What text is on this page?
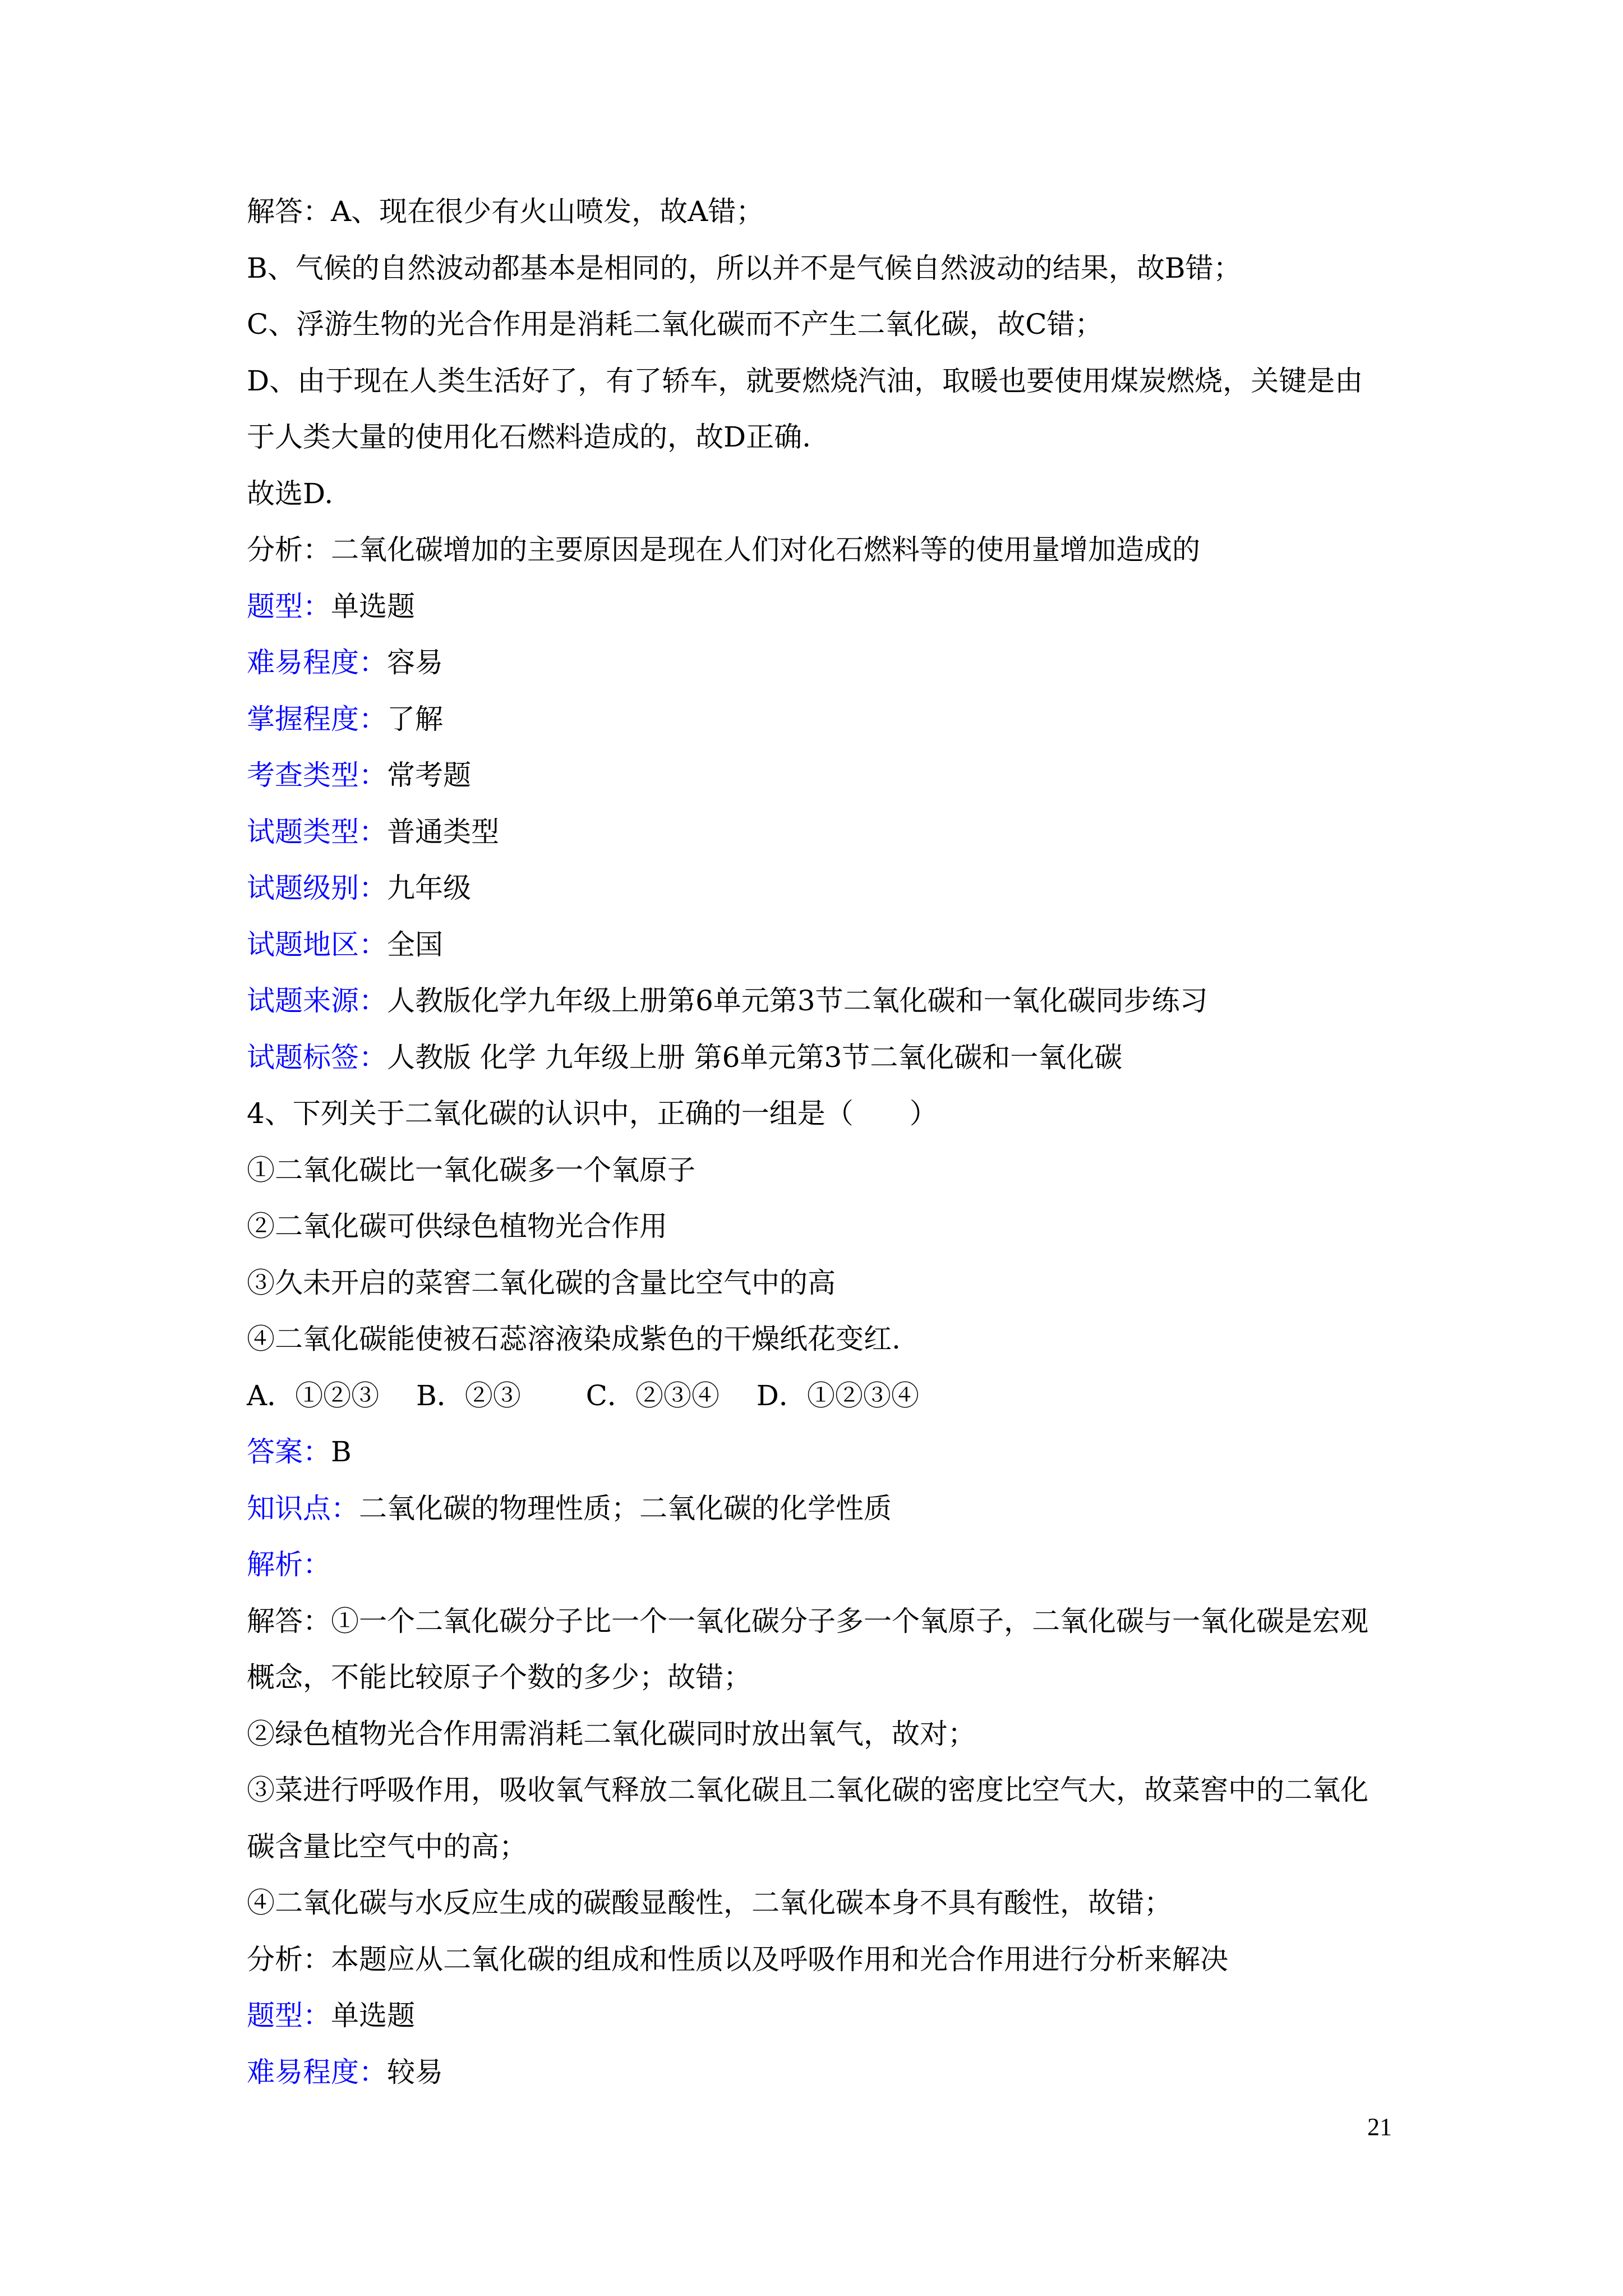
解答：A、现在很少有火山喷发，故A错；
B、气候的自然波动都基本是相同的，所以并不是气候自然波动的结果，故B错；
C、浮游生物的光合作用是消耗二氧化碳而不产生二氧化碳，故C错；
D、由于现在人类生活好了，有了轿车，就要燃烧汽油，取暖也要使用煤炭燃烧，关键是由
于人类大量的使用化石燃料造成的，故D正确.
故选D.
分析：二氧化碳增加的主要原因是现在人们对化石燃料等的使用量增加造成的
题型：单选题
难易程度：容易
掌握程度：了解
考查类型：常考题
试题类型：普通类型
试题级别：九年级
试题地区：全国
试题来源：人教版化学九年级上册第6单元第3节二氧化碳和一氧化碳同步练习
试题标签：人教版 化学 九年级上册 第6单元第3节二氧化碳和一氧化碳
4、下列关于二氧化碳的认识中，正确的一组是（　　）
①二氧化碳比一氧化碳多一个氧原子
②二氧化碳可供绿色植物光合作用
③久未开启的菜窖二氧化碳的含量比空气中的高
④二氧化碳能使被石蕊溶液染成紫色的干燥纸花变红.
A．①②③　 B．②③　　 C．②③④　 D．①②③④
答案：B
知识点：二氧化碳的物理性质；二氧化碳的化学性质
解析：
解答：①一个二氧化碳分子比一个一氧化碳分子多一个氧原子，二氧化碳与一氧化碳是宏观
概念，不能比较原子个数的多少；故错；
②绿色植物光合作用需消耗二氧化碳同时放出氧气，故对；
③菜进行呼吸作用，吸收氧气释放二氧化碳且二氧化碳的密度比空气大，故菜窖中的二氧化
碳含量比空气中的高；
④二氧化碳与水反应生成的碳酸显酸性，二氧化碳本身不具有酸性，故错；
分析：本题应从二氧化碳的组成和性质以及呼吸作用和光合作用进行分析来解决
题型：单选题
难易程度：较易
21
